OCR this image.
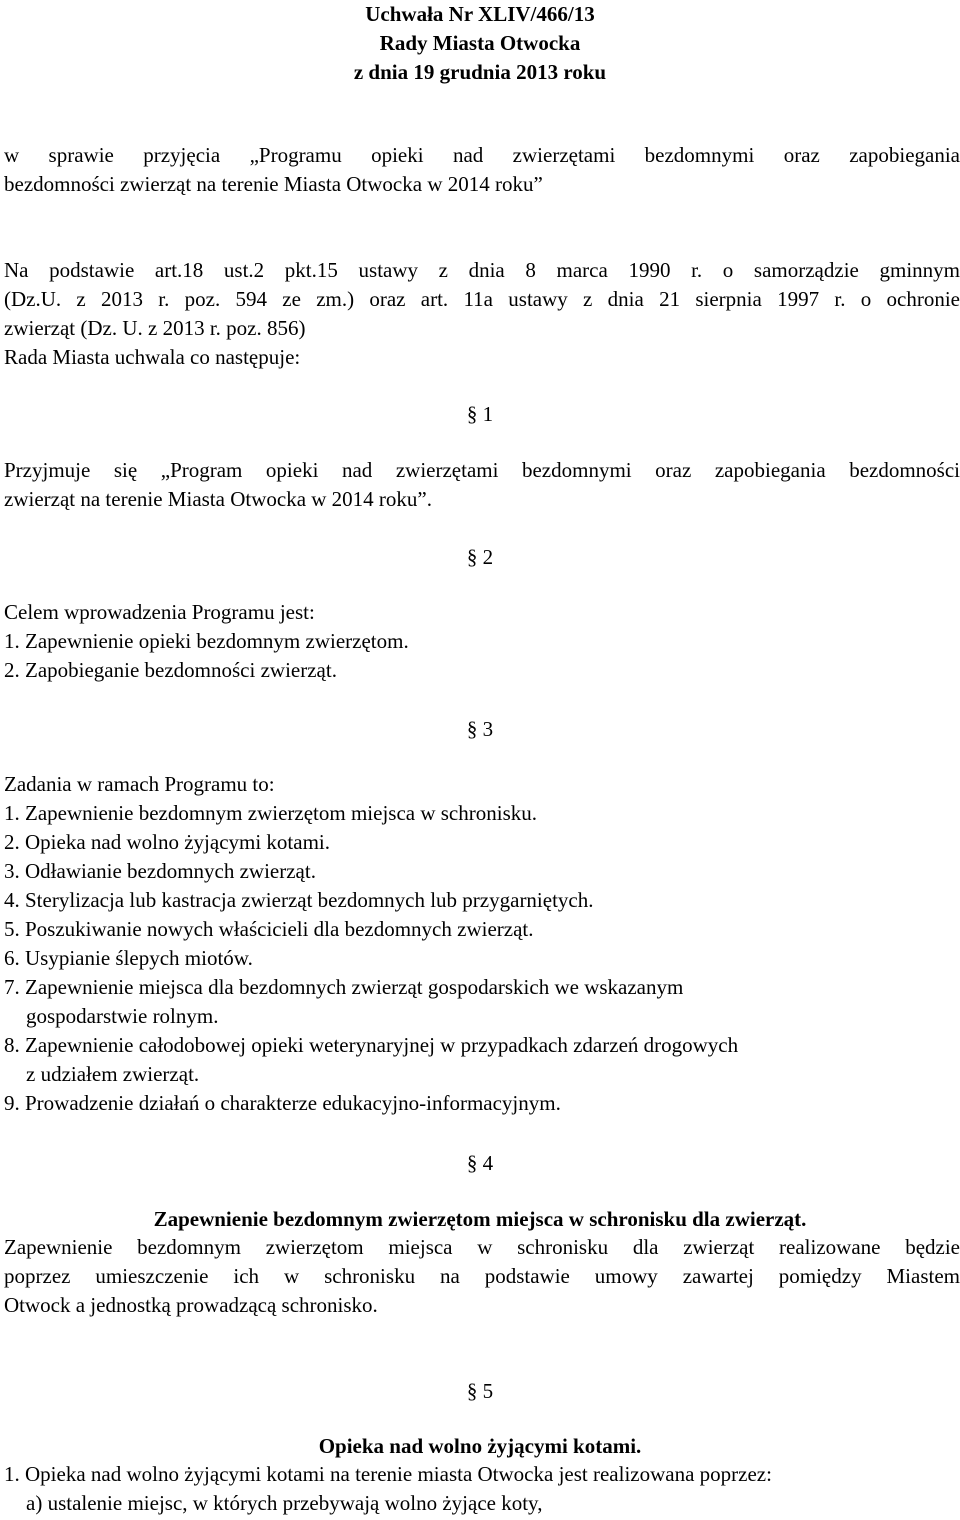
Uchwała Nr XLIV/466/13
Rady Miasta Otwocka
z dnia 19 grudnia 2013 roku
w sprawie przyjęcia „Programu opieki nad zwierzętami bezdomnymi oraz zapobiegania
bezdomności zwierząt na terenie Miasta Otwocka w 2014 roku”
Na podstawie art.18 ust.2 pkt.15 ustawy z dnia 8 marca 1990 r. o samorządzie gminnym
(Dz.U. z 2013 r. poz. 594 ze zm.) oraz art. 11a ustawy z dnia 21 sierpnia 1997 r. o ochronie
zwierząt (Dz. U. z 2013 r. poz. 856)
Rada Miasta uchwala co następuje:
§ 1
Przyjmuje się „Program opieki nad zwierzętami bezdomnymi oraz zapobiegania bezdomności
zwierząt na terenie Miasta Otwocka w 2014 roku”.
§ 2
Celem wprowadzenia Programu jest:
1. Zapewnienie opieki bezdomnym zwierzętom.
2. Zapobieganie bezdomności zwierząt.
§ 3
Zadania w ramach Programu to:
1. Zapewnienie bezdomnym zwierzętom miejsca w schronisku.
2. Opieka nad wolno żyjącymi kotami.
3. Odławianie bezdomnych zwierząt.
4. Sterylizacja lub kastracja zwierząt bezdomnych lub przygarniętych.
5. Poszukiwanie nowych właścicieli dla bezdomnych zwierząt.
6. Usypianie ślepych miotów.
7. Zapewnienie miejsca dla bezdomnych zwierząt gospodarskich we wskazanym
gospodarstwie rolnym.
8. Zapewnienie całodobowej opieki weterynaryjnej w przypadkach zdarzeń drogowych
z udziałem zwierząt.
9. Prowadzenie działań o charakterze edukacyjno-informacyjnym.
§ 4
Zapewnienie bezdomnym zwierzętom miejsca w schronisku dla zwierząt.
Zapewnienie bezdomnym zwierzętom miejsca w schronisku dla zwierząt realizowane będzie
poprzez umieszczenie ich w schronisku na podstawie umowy zawartej pomiędzy Miastem
Otwock a jednostką prowadzącą schronisko.
§ 5
Opieka nad wolno żyjącymi kotami.
1. Opieka nad wolno żyjącymi kotami na terenie miasta Otwocka jest realizowana poprzez:
a) ustalenie miejsc, w których przebywają wolno żyjące koty,
